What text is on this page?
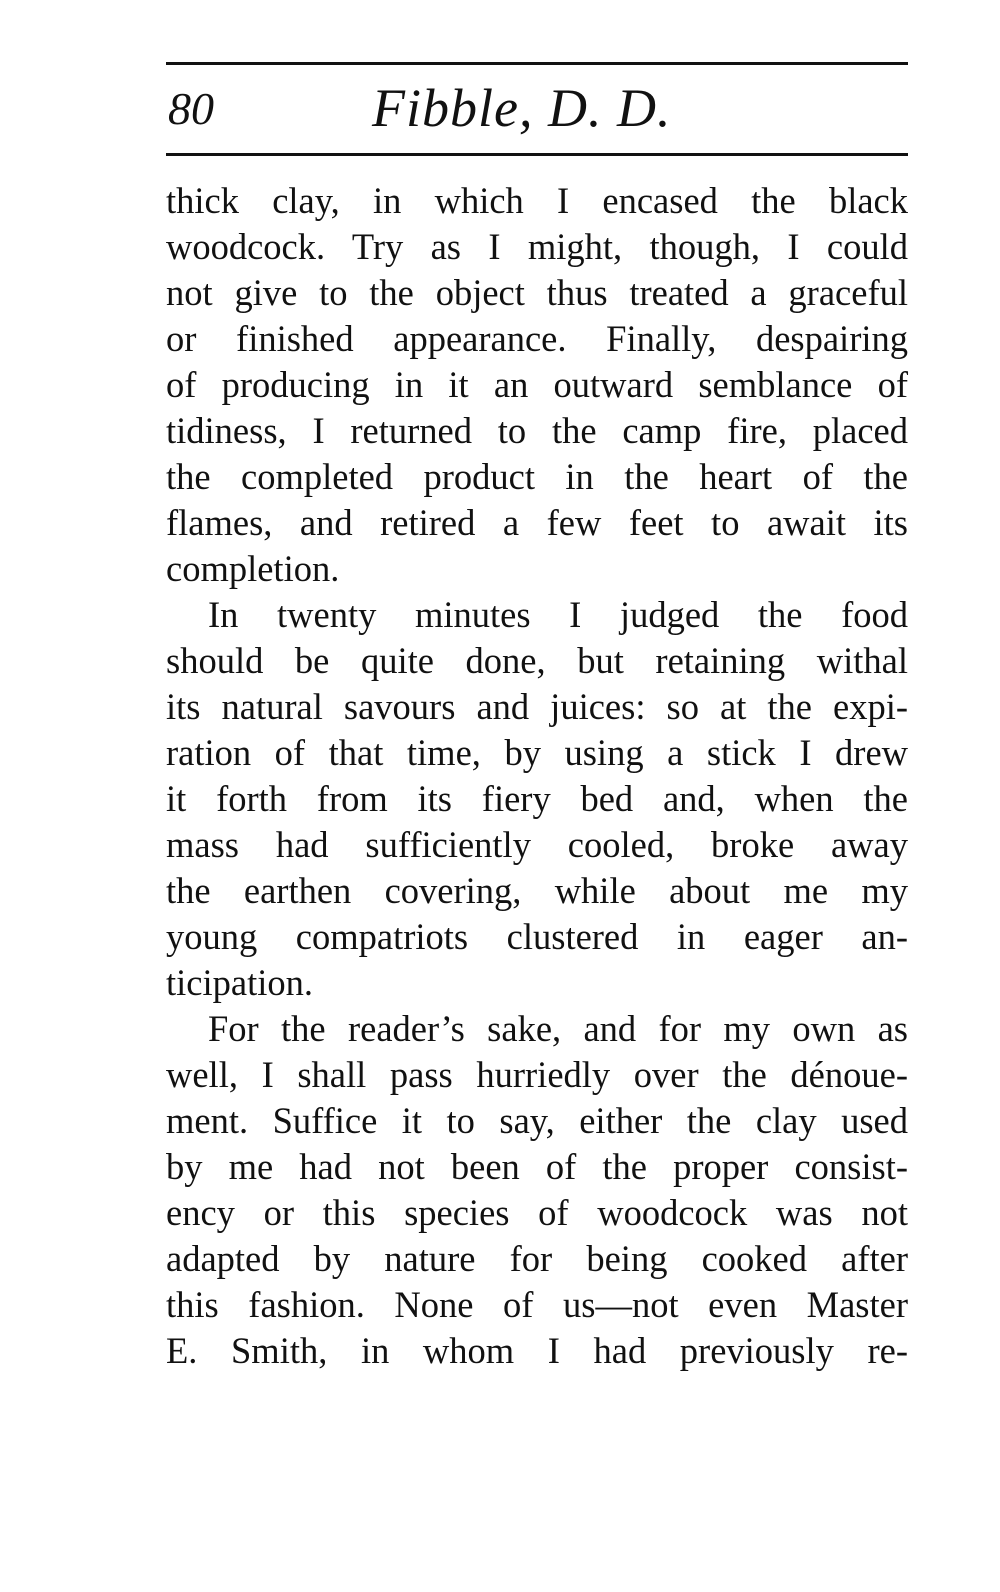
80	Fibble, D. D.
thick clay, in which I encased the black
woodcock. Try as I might, though, I could
not give to the object thus treated a graceful
or finished appearance. Finally, despairing
of producing in it an outward semblance of
tidiness, I returned to the camp fire, placed
the completed product in the heart of the
flames, and retired a few feet to await its
completion.
In twenty minutes I judged the food
should be quite done, but retaining withal
its natural savours and juices: so at the expi-
ration of that time, by using a stick I drew
it forth from its fiery bed and, when the
mass had sufficiently cooled, broke away
the earthen covering, while about me my
young compatriots clustered in eager an-
ticipation.
For the reader’s sake, and for my own as
well, I shall pass hurriedly over the dénoue-
ment. Suffice it to say, either the clay used
by me had not been of the proper consist-
ency or this species of woodcock was not
adapted by nature for being cooked after
this fashion. None of us—not even Master
E. Smith, in whom I had previously re-
